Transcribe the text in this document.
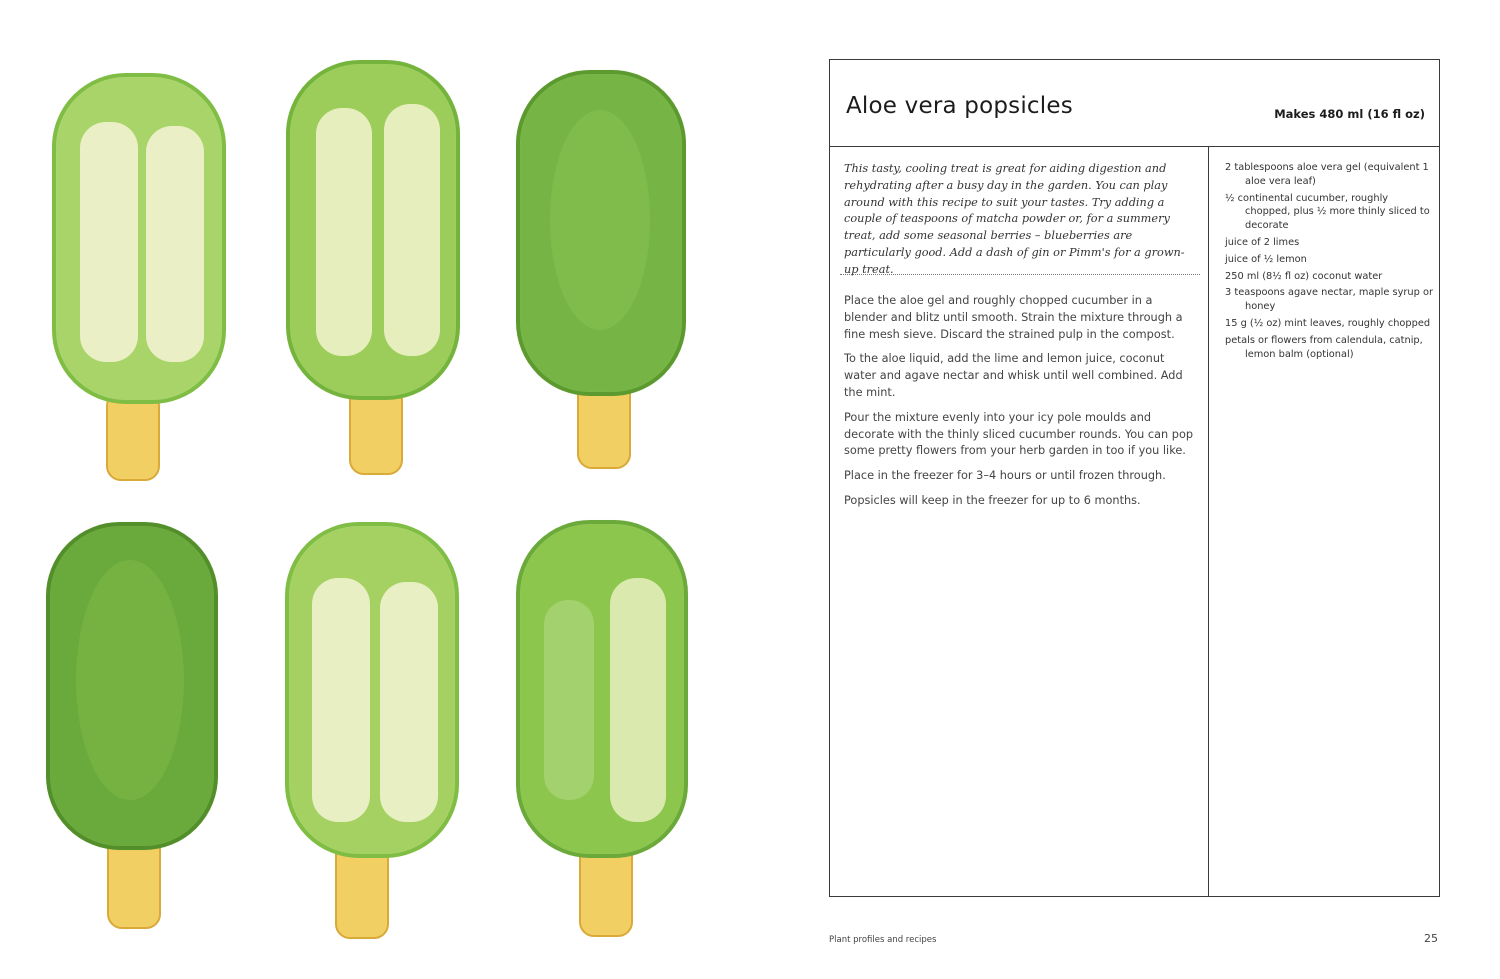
Aloe vera popsicles	Makes 480 ml (16 fl oz)

This tasty, cooling treat is great for aiding digestion and rehydrating after a busy day in the garden. You can play around with this recipe to suit your tastes. Try adding a couple of teaspoons of matcha powder or, for a summery treat, add some seasonal berries – blueberries are particularly good. Add a dash of gin or Pimm's for a grown-up treat.

Place the aloe gel and roughly chopped cucumber in a blender and blitz until smooth. Strain the mixture through a fine mesh sieve. Discard the strained pulp in the compost.

To the aloe liquid, add the lime and lemon juice, coconut water and agave nectar and whisk until well combined. Add the mint.

Pour the mixture evenly into your icy pole moulds and decorate with the thinly sliced cucumber rounds. You can pop some pretty flowers from your herb garden in too if you like.

Place in the freezer for 3–4 hours or until frozen through.

Popsicles will keep in the freezer for up to 6 months.

2 tablespoons aloe vera gel (equivalent 1 aloe vera leaf)
½ continental cucumber, roughly chopped, plus ½ more thinly sliced to decorate
juice of 2 limes
juice of ½ lemon
250 ml (8½ fl oz) coconut water
3 teaspoons agave nectar, maple syrup or honey
15 g (½ oz) mint leaves, roughly chopped
petals or flowers from calendula, catnip, lemon balm (optional)
Plant profiles and recipes	25
